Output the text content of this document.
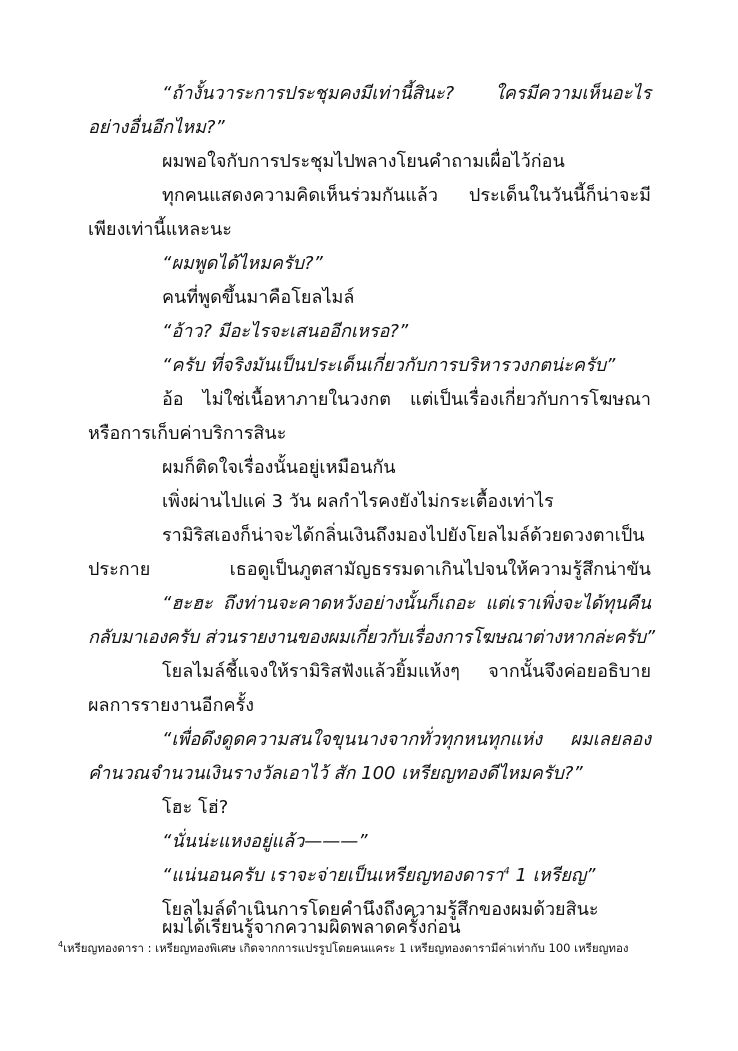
“ถ้างั้นวาระการประชุมคงมีเท่านี้สินะ? ใครมีความเห็นอะไร
อย่างอื่นอีกไหม?”
ผมพอใจกับการประชุมไปพลางโยนคำถามเผื่อไว้ก่อน
ทุกคนแสดงความคิดเห็นร่วมกันแล้ว ประเด็นในวันนี้ก็น่าจะมี
เพียงเท่านี้แหละนะ
“ผมพูดได้ไหมครับ?”
คนที่พูดขึ้นมาคือโยลไมล์
“อ้าว? มีอะไรจะเสนออีกเหรอ?”
“ครับ ที่จริงมันเป็นประเด็นเกี่ยวกับการบริหารวงกตน่ะครับ”
อ้อ ไม่ใช่เนื้อหาภายในวงกต แต่เป็นเรื่องเกี่ยวกับการโฆษณา
หรือการเก็บค่าบริการสินะ
ผมก็ติดใจเรื่องนั้นอยู่เหมือนกัน
เพิ่งผ่านไปแค่ 3 วัน ผลกำไรคงยังไม่กระเตื้องเท่าไร
รามิริสเองก็น่าจะได้กลิ่นเงินถึงมองไปยังโยลไมล์ด้วยดวงตาเป็น
ประกาย เธอดูเป็นภูตสามัญธรรมดาเกินไปจนให้ความรู้สึกน่าขัน
“ฮะฮะ ถึงท่านจะคาดหวังอย่างนั้นก็เถอะ แต่เราเพิ่งจะได้ทุนคืน
กลับมาเองครับ ส่วนรายงานของผมเกี่ยวกับเรื่องการโฆษณาต่างหากล่ะครับ”
โยลไมล์ชี้แจงให้รามิริสฟังแล้วยิ้มแห้งๆ จากนั้นจึงค่อยอธิบาย
ผลการรายงานอีกครั้ง
“เพื่อดึงดูดความสนใจขุนนางจากทั่วทุกหนทุกแห่ง ผมเลยลอง
คำนวณจำนวนเงินรางวัลเอาไว้ สัก 100 เหรียญทองดีไหมครับ?”
โฮะ โฮ่?
“นั่นน่ะแหงอยู่แล้ว———”
“แน่นอนครับ เราจะจ่ายเป็นเหรียญทองดารา$^4$ 1 เหรียญ”
โยลไมล์ดำเนินการโดยคำนึงถึงความรู้สึกของผมด้วยสินะ
ผมได้เรียนรู้จากความผิดพลาดครั้งก่อน
$^4$เหรียญทองดารา : เหรียญทองพิเศษ เกิดจากการแปรรูปโดยคนแคระ 1 เหรียญทองดารามีค่าเท่ากับ 100 เหรียญทอง
